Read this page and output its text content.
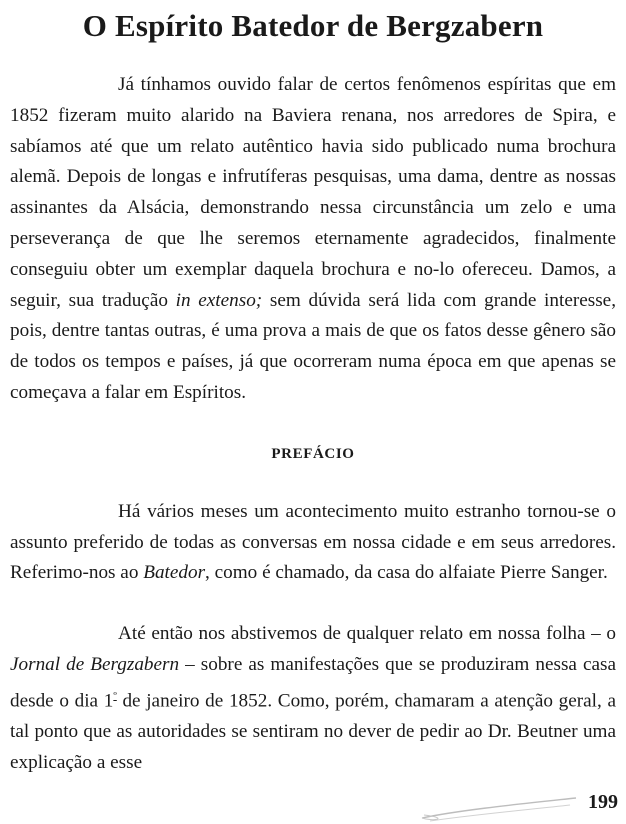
O Espírito Batedor de Bergzabern

Já tínhamos ouvido falar de certos fenômenos espíritas que em 1852 fizeram muito alarido na Baviera renana, nos arredores de Spira, e sabíamos até que um relato autêntico havia sido publicado numa brochura alemã. Depois de longas e infrutíferas pesquisas, uma dama, dentre as nossas assinantes da Alsácia, demonstrando nessa circunstância um zelo e uma perseverança de que lhe seremos eternamente agradecidos, finalmente conseguiu obter um exemplar daquela brochura e no-lo ofereceu. Damos, a seguir, sua tradução in extenso; sem dúvida será lida com grande interesse, pois, dentre tantas outras, é uma prova a mais de que os fatos desse gênero são de todos os tempos e países, já que ocorreram numa época em que apenas se começava a falar em Espíritos.

PREFÁCIO

Há vários meses um acontecimento muito estranho tornou-se o assunto preferido de todas as conversas em nossa cidade e em seus arredores. Referimo-nos ao Batedor, como é chamado, da casa do alfaiate Pierre Sanger.

Até então nos abstivemos de qualquer relato em nossa folha – o Jornal de Bergzabern – sobre as manifestações que se produziram nessa casa desde o dia $1^º$ de janeiro de 1852. Como, porém, chamaram a atenção geral, a tal ponto que as autoridades se sentiram no dever de pedir ao Dr. Beutner uma explicação a esse

199
